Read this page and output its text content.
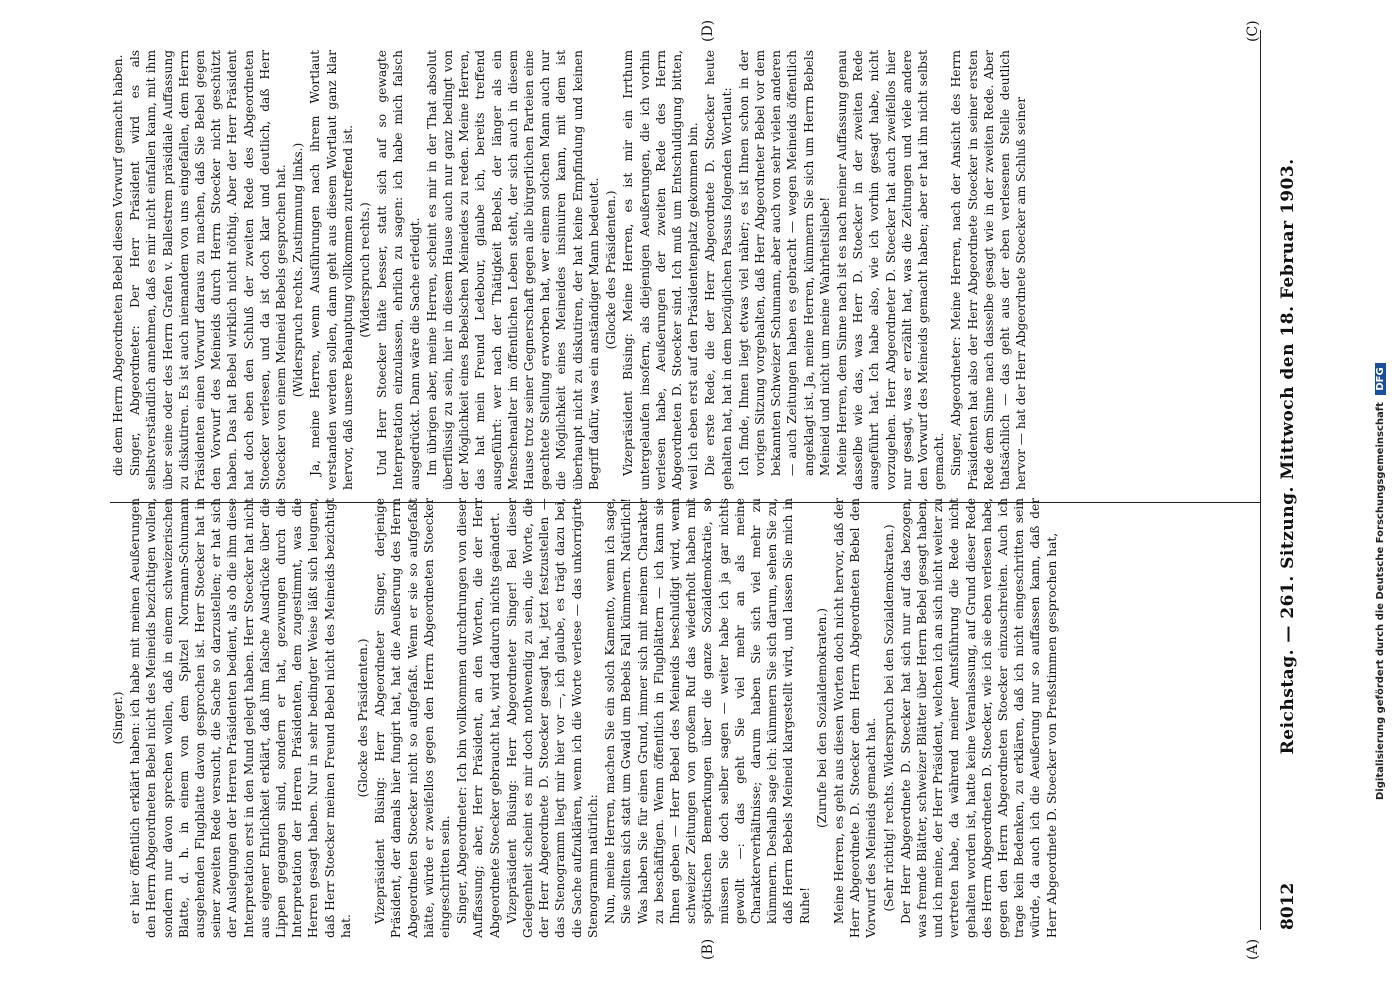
8012
Reichstag. — 261. Sitzung. Mittwoch den 18. Februar 1903.

(Singer.) er hier öffentlich erklärt haben: ich habe mit meinen Aeußerungen den Herrn Abgeordneten Bebel nicht des Meineids bezichtigen wollen, sondern nur davon sprechen wollen, daß in einem schweizerischen Blatte, d. h. in einem von dem Spitzel Normann-Schumann ausgehenden Flugblatte davon gesprochen ist. Herr Stoecker hat in seiner zweiten Rede versucht, die Sache so darzustellen; er hat sich der Auslegungen der Herren Präsidenten bedient, als ob die ihm diese Interpretation erst in den Mund gelegt haben. Herr Stoecker hat nicht aus eigener Ehrlichkeit erklärt, daß ihm falsche Ausdrücke über die Lippen gegangen sind, sondern er hat, gezwungen durch die Interpretation der Herren Präsidenten, dem zugestimmt, was die Herren gesagt haben. Nur in sehr bedingter Weise läßt sich leugnen, daß Herr Stoecker meinen Freund Bebel nicht des Meineids bezichtigt hat.

(Glocke des Präsidenten.) Vizepräsident Büsing: Herr Abgeordneter Singer, derjenige Präsident, der damals hier fungirt hat, hat die Aeußerung des Herrn Abgeordneten Stoecker nicht so aufgefaßt. Wenn er sie so aufgefaßt hätte, würde er zweifellos gegen den Herrn Abgeordneten Stoecker eingeschritten sein. Singer, Abgeordneter: Ich bin vollkommen durchdrungen von dieser Auffassung; aber, Herr Präsident, an den Worten, die der Herr Abgeordnete Stoecker gebraucht hat, wird dadurch nichts geändert. Vizepräsident Büsing: Herr Abgeordneter Singer! Bei dieser Gelegenheit scheint es mir doch nothwendig zu sein, die Worte, die der Herr Abgeordnete D. Stoecker gesagt hat, jetzt festzustellen — das Stenogramm liegt mir hier vor —, ich glaube, es trägt dazu bei, die Sache aufzuklären, wenn ich die Worte verlese — das unkorrigirte Stenogramm natürlich: Nun, meine Herren, machen Sie ein solch Kamento, wenn ich sage, Sie sollten sich statt um Gwald um Bebels Fall kümmern. Natürlich! Was haben Sie für einen Grund, immer sich mit meinem Charakter zu beschäftigen. Wenn öffentlich in Flugblättern — ich kann sie Ihnen geben — Herr Bebel des Meineids beschuldigt wird, wenn schweizer Zeitungen von großem Ruf das wiederholt haben mit spöttischen Bemerkungen über die ganze Sozialdemokratie, so müssen Sie doch selber sagen — weiter habe ich ja gar nichts gewollt —: das geht Sie viel mehr an als meine Charakterverhältnisse; darum haben Sie sich viel mehr zu kümmern. Deshalb sage ich: kümmern Sie sich darum, sehen Sie zu, daß Herrn Bebels Meineid klargestellt wird, und lassen Sie mich in Ruhe!

(Zurufe bei den Sozialdemokraten.) Meine Herren, es geht aus diesen Worten doch nicht hervor, daß der Herr Abgeordnete D. Stoecker dem Herrn Abgeordneten Bebel den Vorwurf des Meineids gemacht hat. (Sehr richtig! rechts. Widerspruch bei den Sozialdemokraten.) Der Herr Abgeordnete D. Stoecker hat sich nur auf das bezogen, was fremde Blätter, schweizer Blätter über Herrn Bebel gesagt haben, und ich meine, der Herr Präsident, welchen ich an sich nicht weiter zu vertreten habe, da während meiner Amtsführung die Rede nicht gehalten worden ist, hatte keine Veranlassung, auf Grund dieser Rede des Herrn Abgeordneten D. Stoecker, wie ich sie eben verlesen habe, gegen den Herrn Abgeordneten Stoecker einzuschreiten. Auch ich trage kein Bedenken, zu erklären, daß ich nicht eingeschritten sein würde, da auch ich die Aeußerung nur so auffassen kann, daß der Herr Abgeordnete D. Stoecker von Preßstimmen gesprochen hat,

die dem Herrn Abgeordneten Bebel diesen Vorwurf gemacht haben. Singer, Abgeordneter: Der Herr Präsident wird es als selbstverständlich annehmen, daß es mir nicht einfallen kann, mit ihm über seine oder des Herrn Grafen v. Ballestrem präsidiale Auffassung zu diskutiren. Es ist auch niemandem von uns eingefallen, dem Herrn Präsidenten einen Vorwurf daraus zu machen, daß Sie Bebel gegen den Vorwurf des Meineids durch Herrn Stoecker nicht geschützt haben. Das hat Bebel wirklich nicht nöthig. Aber der Herr Präsident hat doch eben den Schluß der zweiten Rede des Abgeordneten Stoecker verlesen, und da ist doch klar und deutlich, daß Herr Stoecker von einem Meineid Bebels gesprochen hat. (Widerspruch rechts. Zustimmung links.) Ja, meine Herren, wenn Ausführungen nach ihrem Wortlaut verstanden werden sollen, dann geht aus diesem Wortlaut ganz klar hervor, daß unsere Behauptung vollkommen zutreffend ist. (Widerspruch rechts.) Und Herr Stoecker thäte besser, statt sich auf so gewagte Interpretation einzulassen, ehrlich zu sagen: ich habe mich falsch ausgedrückt. Dann wäre die Sache erledigt. Im übrigen aber, meine Herren, scheint es mir in der That absolut überflüssig zu sein, hier in diesem Hause auch nur ganz bedingt von der Möglichkeit eines Bebelschen Meineides zu reden. Meine Herren, das hat mein Freund Ledebour, glaube ich, bereits treffend ausgeführt: wer nach der Thätigkeit Bebels, der länger als ein Menschenalter im öffentlichen Leben steht, der sich auch in diesem Hause trotz seiner Gegnerschaft gegen alle bürgerlichen Parteien eine geachtete Stellung erworben hat, wer einem solchen Mann auch nur die Möglichkeit eines Meineides insinuiren kann, mit dem ist überhaupt nicht zu diskutiren, der hat keine Empfindung und keinen Begriff dafür, was ein anständiger Mann bedeutet. (Glocke des Präsidenten.) Vizepräsident Büsing: Meine Herren, es ist mir ein Irrthum untergelaufen insofern, als diejenigen Aeußerungen, die ich vorhin verlesen habe, Aeußerungen der zweiten Rede des Herrn Abgeordneten D. Stoecker sind. Ich muß um Entschuldigung bitten, weil ich eben erst auf den Präsidentenplatz gekommen bin. Die erste Rede, die der Herr Abgeordnete D. Stoecker heute gehalten hat, hat in dem bezüglichen Passus folgenden Wortlaut: Ich finde, Ihnen liegt etwas viel näher; es ist Ihnen schon in der vorigen Sitzung vorgehalten, daß Herr Abgeordneter Bebel vor dem bekannten Schweizer Schumann, aber auch von sehr vielen anderen — auch Zeitungen haben es gebracht — wegen Meineids öffentlich angeklagt ist. Ja, meine Herren, kümmern Sie sich um Herrn Bebels Meineid und nicht um meine Wahrheitsliebe! Meine Herren, dem Sinne nach ist es nach meiner Auffassung genau dasselbe wie das, was Herr D. Stoecker in der zweiten Rede ausgeführt hat. Ich habe also, wie ich vorhin gesagt habe, nicht vorzugehen. Herr Abgeordneter D. Stoecker hat auch zweifellos hier nur gesagt, was er erzählt hat, was die Zeitungen und viele andere den Vorwurf des Meineids gemacht haben; aber er hat ihn nicht selbst gemacht. Singer, Abgeordneter: Meine Herren, nach der Ansicht des Herrn Präsidenten hat also der Herr Abgeordnete Stoecker in seiner ersten Rede dem Sinne nach dasselbe gesagt wie in der zweiten Rede. Aber thatsächlich — das geht aus der eben verlesenen Stelle deutlich hervor — hat der Herr Abgeordnete Stoecker am Schluß seiner

(A)
(B)
(C)
(D)
Digitalisierung gefördert durch die Deutsche Forschungsgemeinschaft DFG
